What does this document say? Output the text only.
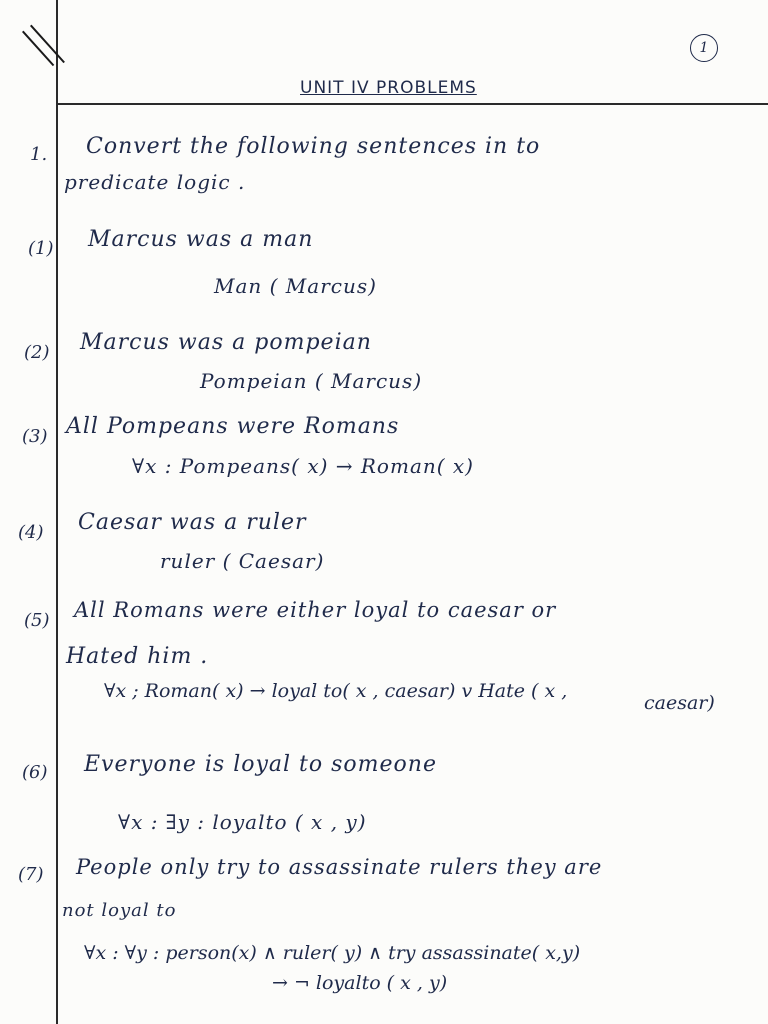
1
UNIT IV PROBLEMS
1. Convert the following sentences in to
predicate logic .
(1) Marcus was a man
Man ( Marcus)
(2) Marcus was a pompeian
Pompeian ( Marcus)
(3) All Pompeans were Romans
∀x : Pompeans( x) → Roman( x)
(4) Caesar was a ruler
ruler ( Caesar)
(5) All Romans were either loyal to caesar or
Hated him .
∀x ; Roman( x) → loyal to( x , caesar) v Hate ( x ,
caesar)
(6) Everyone is loyal to someone
∀x : ∃y : loyalto ( x , y)
(7) People only try to assassinate rulers they are
not loyal to
∀x : ∀y : person(x) ∧ ruler( y) ∧ try assassinate( x,y)
→ ¬ loyalto ( x , y)
